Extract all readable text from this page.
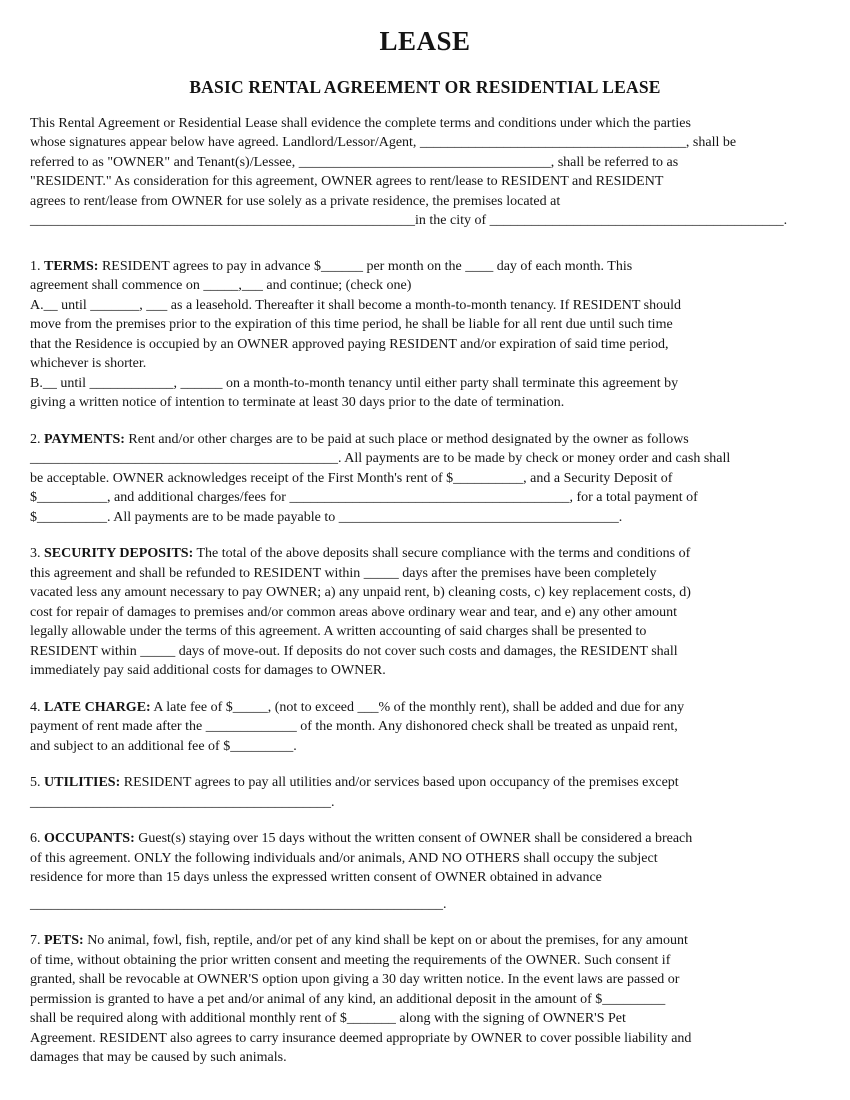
LEASE
BASIC RENTAL AGREEMENT OR RESIDENTIAL LEASE
This Rental Agreement or Residential Lease shall evidence the complete terms and conditions under which the parties
whose signatures appear below have agreed. Landlord/Lessor/Agent, ______________________________________, shall be
referred to as "OWNER" and Tenant(s)/Lessee, ____________________________________, shall be referred to as
"RESIDENT." As consideration for this agreement, OWNER agrees to rent/lease to RESIDENT and RESIDENT
agrees to rent/lease from OWNER for use solely as a private residence, the premises located at
_______________________________________________________in the city of __________________________________________.
1. TERMS: RESIDENT agrees to pay in advance $______ per month on the ____ day of each month. This
agreement shall commence on _____,___ and continue; (check one)
A.__ until _______, ___ as a leasehold. Thereafter it shall become a month-to-month tenancy. If RESIDENT should
move from the premises prior to the expiration of this time period, he shall be liable for all rent due until such time
that the Residence is occupied by an OWNER approved paying RESIDENT and/or expiration of said time period,
whichever is shorter.
B.__ until ____________, ______ on a month-to-month tenancy until either party shall terminate this agreement by
giving a written notice of intention to terminate at least 30 days prior to the date of termination.
2. PAYMENTS: Rent and/or other charges are to be paid at such place or method designated by the owner as follows
____________________________________________. All payments are to be made by check or money order and cash shall
be acceptable. OWNER acknowledges receipt of the First Month's rent of $__________, and a Security Deposit of
$__________, and additional charges/fees for ________________________________________, for a total payment of
$__________. All payments are to be made payable to ________________________________________.
3. SECURITY DEPOSITS: The total of the above deposits shall secure compliance with the terms and conditions of
this agreement and shall be refunded to RESIDENT within _____ days after the premises have been completely
vacated less any amount necessary to pay OWNER; a) any unpaid rent, b) cleaning costs, c) key replacement costs, d)
cost for repair of damages to premises and/or common areas above ordinary wear and tear, and e) any other amount
legally allowable under the terms of this agreement. A written accounting of said charges shall be presented to
RESIDENT within _____ days of move-out. If deposits do not cover such costs and damages, the RESIDENT shall
immediately pay said additional costs for damages to OWNER.
4. LATE CHARGE: A late fee of $_____, (not to exceed ___% of the monthly rent), shall be added and due for any
payment of rent made after the _____________ of the month. Any dishonored check shall be treated as unpaid rent,
and subject to an additional fee of $_________.
5. UTILITIES: RESIDENT agrees to pay all utilities and/or services based upon occupancy of the premises except
___________________________________________.
6. OCCUPANTS: Guest(s) staying over 15 days without the written consent of OWNER shall be considered a breach
of this agreement. ONLY the following individuals and/or animals, AND NO OTHERS shall occupy the subject
residence for more than 15 days unless the expressed written consent of OWNER obtained in advance
___________________________________________________________.
7. PETS: No animal, fowl, fish, reptile, and/or pet of any kind shall be kept on or about the premises, for any amount
of time, without obtaining the prior written consent and meeting the requirements of the OWNER. Such consent if
granted, shall be revocable at OWNER'S option upon giving a 30 day written notice. In the event laws are passed or
permission is granted to have a pet and/or animal of any kind, an additional deposit in the amount of $_________
shall be required along with additional monthly rent of $_______ along with the signing of OWNER'S Pet
Agreement. RESIDENT also agrees to carry insurance deemed appropriate by OWNER to cover possible liability and
damages that may be caused by such animals.
